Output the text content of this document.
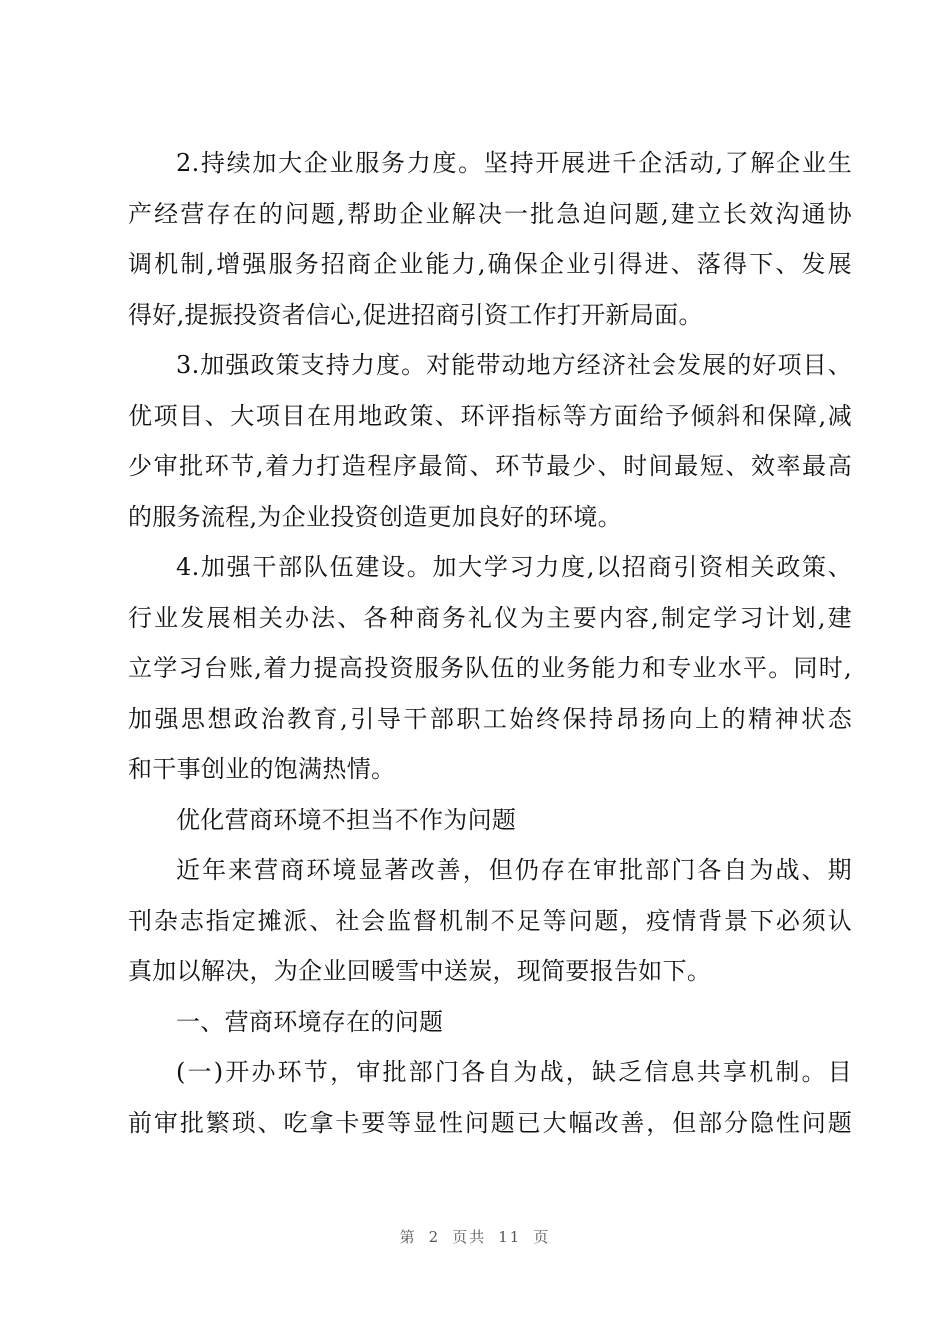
2.持续加大企业服务力度。坚持开展进千企活动,了解企业生
产经营存在的问题,帮助企业解决一批急迫问题,建立长效沟通协
调机制,增强服务招商企业能力,确保企业引得进、落得下、发展
得好,提振投资者信心,促进招商引资工作打开新局面。
3.加强政策支持力度。对能带动地方经济社会发展的好项目、
优项目、大项目在用地政策、环评指标等方面给予倾斜和保障,减
少审批环节,着力打造程序最简、环节最少、时间最短、效率最高
的服务流程,为企业投资创造更加良好的环境。
4.加强干部队伍建设。加大学习力度,以招商引资相关政策、
行业发展相关办法、各种商务礼仪为主要内容,制定学习计划,建
立学习台账,着力提高投资服务队伍的业务能力和专业水平。同时,
加强思想政治教育,引导干部职工始终保持昂扬向上的精神状态
和干事创业的饱满热情。
优化营商环境不担当不作为问题
近年来营商环境显著改善，但仍存在审批部门各自为战、期
刊杂志指定摊派、社会监督机制不足等问题，疫情背景下必须认
真加以解决，为企业回暖雪中送炭，现简要报告如下。
一、营商环境存在的问题
(一)开办环节，审批部门各自为战，缺乏信息共享机制。目
前审批繁琐、吃拿卡要等显性问题已大幅改善，但部分隐性问题
第 2 页共 11 页
